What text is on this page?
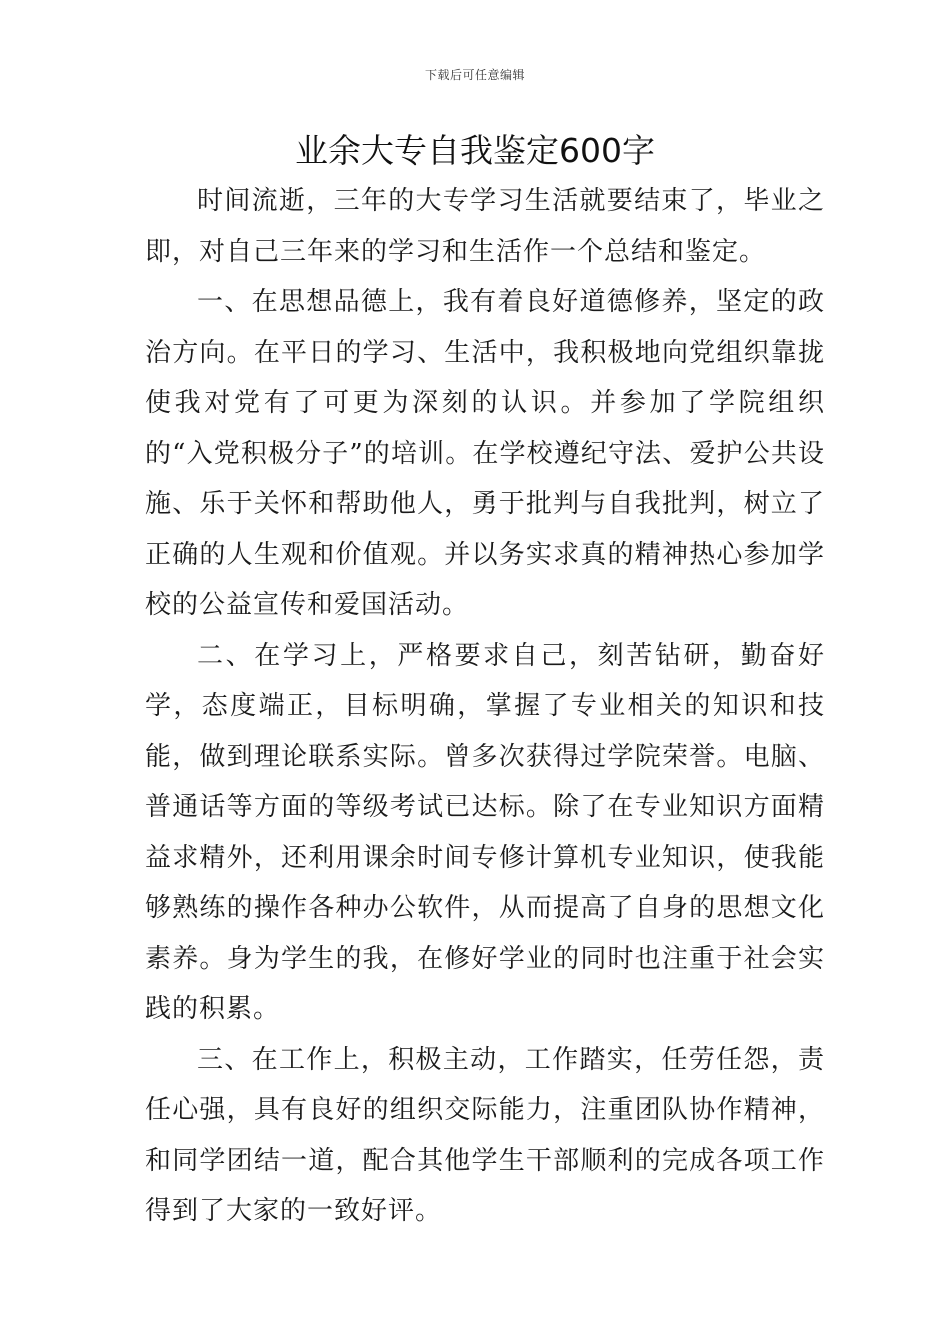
下载后可任意编辑
业余大专自我鉴定600字

时间流逝，三年的大专学习生活就要结束了，毕业之即，对自己三年来的学习和生活作一个总结和鉴定。

一、在思想品德上，我有着良好道德修养，坚定的政治方向。在平日的学习、生活中，我积极地向党组织靠拢使我对党有了可更为深刻的认识。并参加了学院组织的“入党积极分子”的培训。在学校遵纪守法、爱护公共设施、乐于关怀和帮助他人，勇于批判与自我批判，树立了正确的人生观和价值观。并以务实求真的精神热心参加学校的公益宣传和爱国活动。

二、在学习上，严格要求自己，刻苦钻研，勤奋好学，态度端正，目标明确，掌握了专业相关的知识和技能，做到理论联系实际。曾多次获得过学院荣誉。电脑、普通话等方面的等级考试已达标。除了在专业知识方面精益求精外，还利用课余时间专修计算机专业知识，使我能够熟练的操作各种办公软件，从而提高了自身的思想文化素养。身为学生的我，在修好学业的同时也注重于社会实践的积累。

三、在工作上，积极主动，工作踏实，任劳任怨，责任心强，具有良好的组织交际能力，注重团队协作精神，和同学团结一道，配合其他学生干部顺利的完成各项工作得到了大家的一致好评。
